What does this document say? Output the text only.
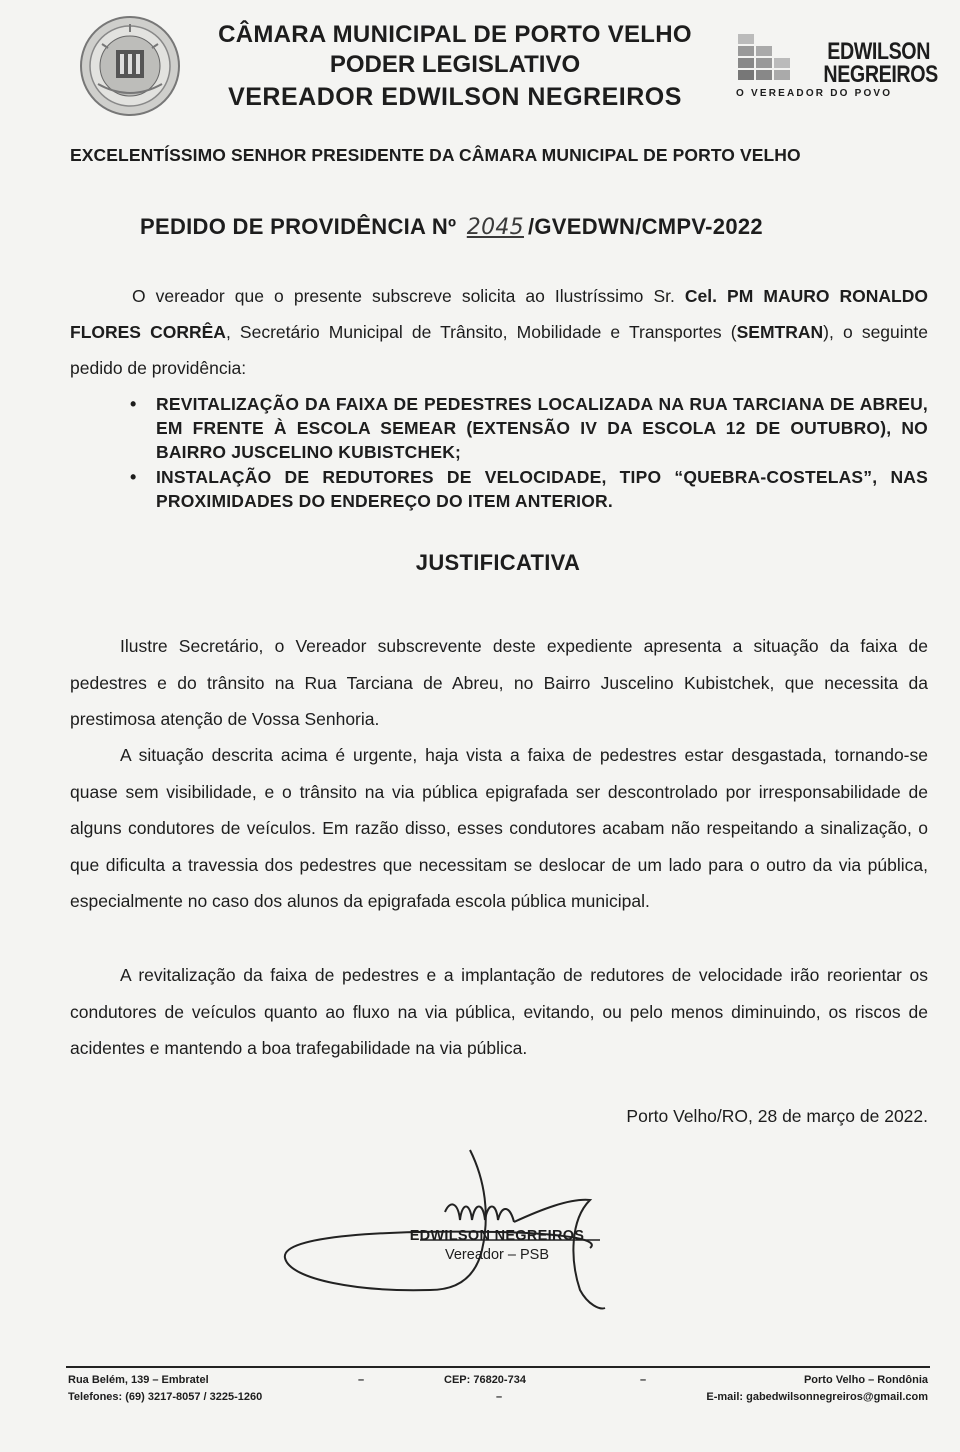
CÂMARA MUNICIPAL DE PORTO VELHO
PODER LEGISLATIVO
VEREADOR EDWILSON NEGREIROS
EDWILSON
NEGREIROS
O VEREADOR DO POVO
EXCELENTÍSSIMO SENHOR PRESIDENTE DA CÂMARA MUNICIPAL DE PORTO VELHO
PEDIDO DE PROVIDÊNCIA Nº 2045 /GVEDWN/CMPV-2022
O vereador que o presente subscreve solicita ao Ilustríssimo Sr. Cel. PM MAURO RONALDO FLORES CORRÊA, Secretário Municipal de Trânsito, Mobilidade e Transportes (SEMTRAN), o seguinte pedido de providência:
• REVITALIZAÇÃO DA FAIXA DE PEDESTRES LOCALIZADA NA RUA TARCIANA DE ABREU, EM FRENTE À ESCOLA SEMEAR (EXTENSÃO IV DA ESCOLA 12 DE OUTUBRO), NO BAIRRO JUSCELINO KUBISTCHEK;
• INSTALAÇÃO DE REDUTORES DE VELOCIDADE, TIPO “QUEBRA-COSTELAS”, NAS PROXIMIDADES DO ENDEREÇO DO ITEM ANTERIOR.
JUSTIFICATIVA

Ilustre Secretário, o Vereador subscrevente deste expediente apresenta a situação da faixa de pedestres e do trânsito na Rua Tarciana de Abreu, no Bairro Juscelino Kubistchek, que necessita da prestimosa atenção de Vossa Senhoria.

A situação descrita acima é urgente, haja vista a faixa de pedestres estar desgastada, tornando-se quase sem visibilidade, e o trânsito na via pública epigrafada ser descontrolado por irresponsabilidade de alguns condutores de veículos. Em razão disso, esses condutores acabam não respeitando a sinalização, o que dificulta a travessia dos pedestres que necessitam se deslocar de um lado para o outro da via pública, especialmente no caso dos alunos da epigrafada escola pública municipal.

A revitalização da faixa de pedestres e a implantação de redutores de velocidade irão reorientar os condutores de veículos quanto ao fluxo na via pública, evitando, ou pelo menos diminuindo, os riscos de acidentes e mantendo a boa trafegabilidade na via pública.

Porto Velho/RO, 28 de março de 2022.
EDWILSON NEGREIROS
Vereador – PSB
Rua Belém, 139 – Embratel
Telefones: (69) 3217-8057 / 3225-1260
–	CEP: 76820-734
–
–	Porto Velho – Rondônia
E-mail: gabedwilsonnegreiros@gmail.com
